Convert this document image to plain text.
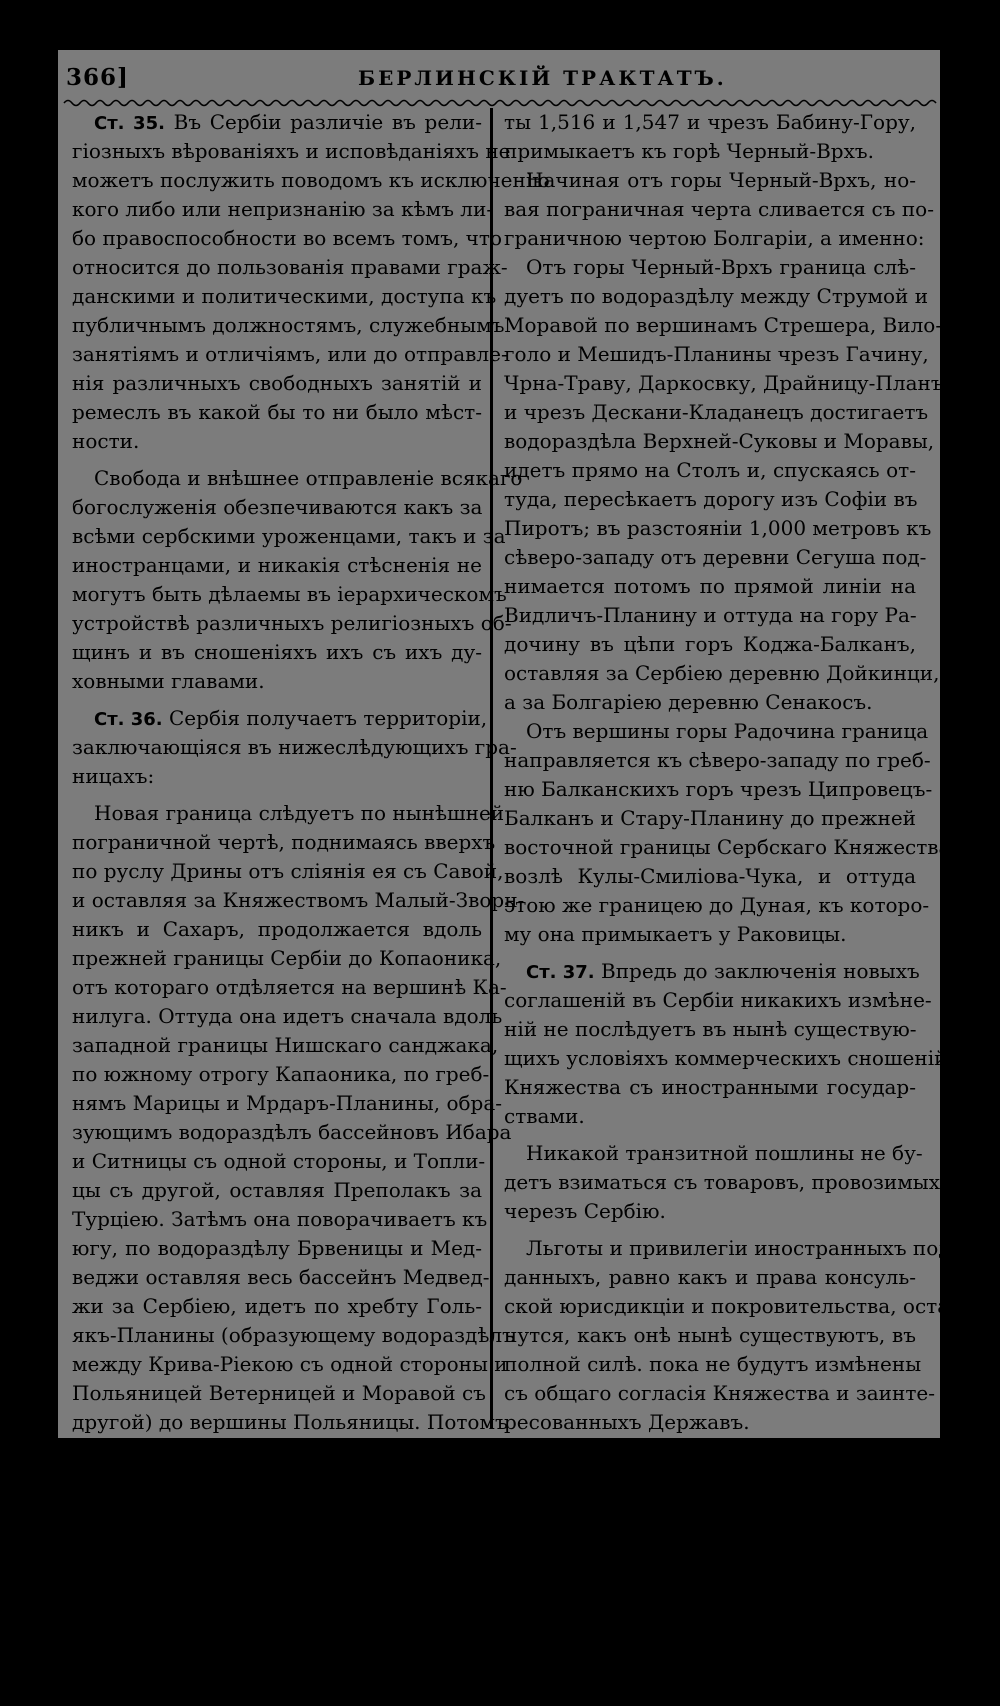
366]	БЕРЛИНСКІЙ ТРАКТАТЪ.
Ст. 35. Въ Сербіи различіе въ рели-
гіозныхъ вѣрованіяхъ и исповѣданіяхъ не
можетъ послужить поводомъ къ исключенію
кого либо или непризнанію за кѣмъ ли-
бо правоспособности во всемъ томъ, что
относится до пользованія правами граж-
данскими и политическими, доступа къ
публичнымъ должностямъ, служебнымъ
занятіямъ и отличіямъ, или до отправле-
нія различныхъ свободныхъ занятій и
ремеслъ въ какой бы то ни было мѣст-
ности.
Свобода и внѣшнее отправленіе всякаго
богослуженія обезпечиваются какъ за
всѣми сербскими уроженцами, такъ и за
иностранцами, и никакія стѣсненія не
могутъ быть дѣлаемы въ іерархическомъ
устройствѣ различныхъ религіозныхъ об-
щинъ и въ сношеніяхъ ихъ съ ихъ ду-
ховными главами.
Ст. 36. Сербія получаетъ территоріи,
заключающіяся въ нижеслѣдующихъ гра-
ницахъ:
Новая граница слѣдуетъ по нынѣшней
пограничной чертѣ, поднимаясь вверхъ
по руслу Дрины отъ слiянія ея съ Савой,
и оставляя за Княжествомъ Малый-Зворн-
никъ и Сахаръ, продолжается вдоль
прежней границы Сербіи до Копаоника,
отъ котораго отдѣляется на вершинѣ Ка-
нилуга. Оттуда она идетъ сначала вдоль
западной границы Нишскаго санджака,
по южному отрогу Капаоника, по греб-
нямъ Марицы и Мрдаръ-Планины, обра-
зующимъ водораздѣлъ бассейновъ Ибара
и Ситницы съ одной стороны, и Топли-
цы съ другой, оставляя Преполакъ за
Турціею. Затѣмъ она поворачиваетъ къ
югу, по водораздѣлу Брвеницы и Мед-
веджи оставляя весь бассейнъ Медвед-
жи за Сербіею, идетъ по хребту Голь-
якъ-Планины (образующему водораздѣлъ
между Крива-Рiекою съ одной стороны и
Польяницей Ветерницей и Моравой съ
другой) до вершины Польяницы. Потомъ
она направляется по отрогу Карпина-
Планины до слiянія Коинска съ Моравой,
переходитъ эту рѣку, поднимается по во-
дораздѣлу между ручьемъ Коинска и
ручьемъ, впадающимъ въ Мораву близъ
Нерадовца, и достигаетъ Планины св.
Иліи выше Трговишты. Отсюда она идетъ
по гребню св. Иліи до горы Ключъ и,
пройдя чрезъ означенные на картѣ пунк-
ты 1,516 и 1,547 и чрезъ Бабину-Гору,
примыкаетъ къ горѣ Черный-Врхъ.
Начиная отъ горы Черный-Врхъ, но-
вая пограничная черта сливается съ по-
граничною чертою Болгаріи, а именно:
Отъ горы Черный-Врхъ граница слѣ-
дуетъ по водораздѣлу между Струмой и
Моравой по вершинамъ Стрешера, Вило-
голо и Мешидъ-Планины чрезъ Гачину,
Чрна-Траву, Даркосвку, Драйницу-Планъ,
и чрезъ Дескани-Кладанецъ достигаетъ
водораздѣла Верхней-Суковы и Моравы,
идетъ прямо на Столъ и, спускаясь от-
туда, пересѣкаетъ дорогу изъ Софіи въ
Пиротъ; въ разстояніи 1,000 метровъ къ
сѣверо-западу отъ деревни Сегуша под-
нимается потомъ по прямой линіи на
Видличъ-Планину и оттуда на гору Ра-
дочину въ цѣпи горъ Коджа-Балканъ,
оставляя за Сербіею деревню Дойкинци,
а за Болгаріею деревню Сенакосъ.
Отъ вершины горы Радочина граница
направляется къ сѣверо-западу по греб-
ню Балканскихъ горъ чрезъ Ципровецъ-
Балканъ и Стару-Планину до прежней
восточной границы Сербскаго Княжества,
возлѣ Кулы-Смиліова-Чука, и оттуда
этою же границею до Дуная, къ которо-
му она примыкаетъ у Раковицы.
Ст. 37. Впредь до заключенія новыхъ
соглашеній въ Сербіи никакихъ измѣне-
ній не послѣдуетъ въ нынѣ существую-
щихъ условіяхъ коммерческихъ сношеній
Княжества съ иностранными государ-
ствами.
Никакой транзитной пошлины не бу-
детъ взиматься съ товаровъ, провозимыхъ
черезъ Сербію.
Льготы и привилегіи иностранныхъ под-
данныхъ, равно какъ и права консуль-
ской юрисдикціи и покровительства, оста-
нутся, какъ онѣ нынѣ существуютъ, въ
полной силѣ. пока не будутъ измѣнены
съ общаго согласія Княжества и заинте-
ресованныхъ Державъ.
Ст. 38. Княжество Сербіи заступаетъ
въ соотвѣтственной долѣ Блистательную
Порту въ обязательствахъ, принятыхъ
ею какъ относительно Австро-Венгріи,
такъ и относительно общества эксплуата-
ціи желѣзныхъ дорогъ Европейской Тур-
ціи, по окончанію, соединенію. а также
по эксплоатаціи желѣзнодорожныхъ ли-
ній, имѣющихъ быть проведенными на
